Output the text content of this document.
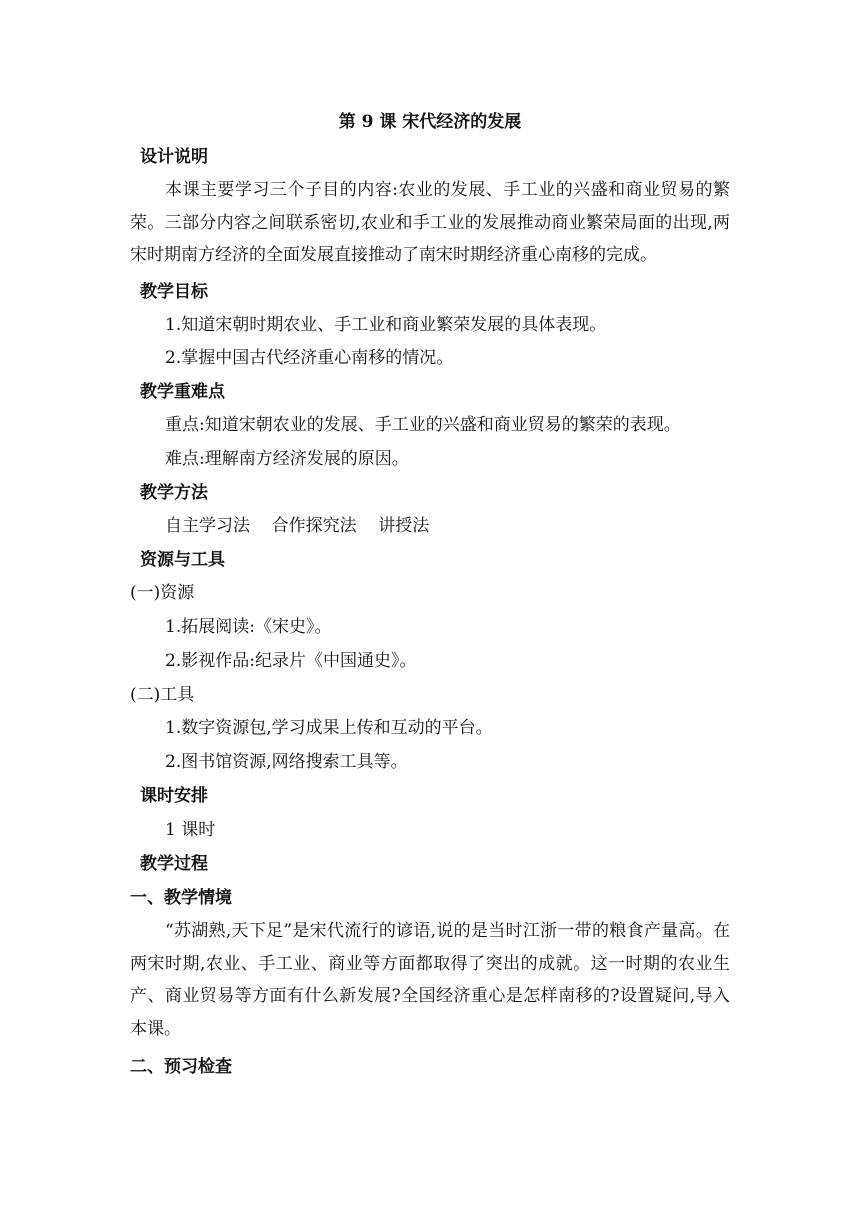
第 9 课 宋代经济的发展
设计说明
本课主要学习三个子目的内容:农业的发展、手工业的兴盛和商业贸易的繁荣。三部分内容之间联系密切,农业和手工业的发展推动商业繁荣局面的出现,两宋时期南方经济的全面发展直接推动了南宋时期经济重心南移的完成。
教学目标
1.知道宋朝时期农业、手工业和商业繁荣发展的具体表现。
2.掌握中国古代经济重心南移的情况。
教学重难点
重点:知道宋朝农业的发展、手工业的兴盛和商业贸易的繁荣的表现。
难点:理解南方经济发展的原因。
教学方法
自主学习法    合作探究法    讲授法
资源与工具
(一)资源
1.拓展阅读:《宋史》。
2.影视作品:纪录片《中国通史》。
(二)工具
1.数字资源包,学习成果上传和互动的平台。
2.图书馆资源,网络搜索工具等。
课时安排
1 课时
教学过程
一、教学情境
“苏湖熟,天下足”是宋代流行的谚语,说的是当时江浙一带的粮食产量高。在两宋时期,农业、手工业、商业等方面都取得了突出的成就。这一时期的农业生产、商业贸易等方面有什么新发展?全国经济重心是怎样南移的?设置疑问,导入本课。
二、预习检查
